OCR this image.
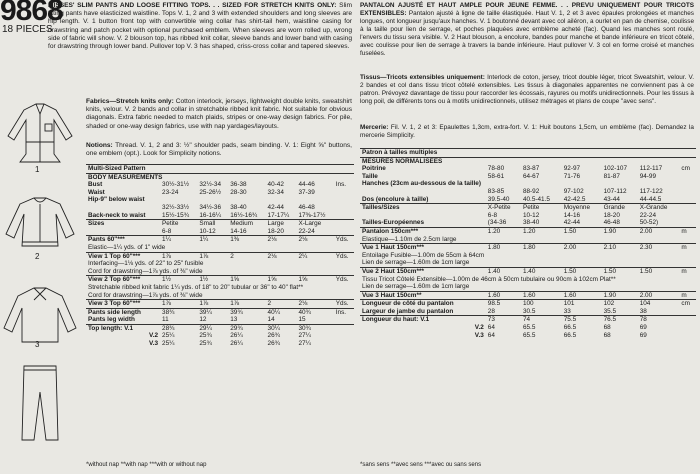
9868
18 PIECES
MISSES' SLIM PANTS AND LOOSE FITTING TOPS. . . SIZED FOR STRETCH KNITS ONLY: Slim fitting pants have elasticized waistline. Tops V. 1, 2 and 3 with extended shoulders and long sleeves are hip length. V. 1 button front top with convertible wing collar has shirt-tail hem, waistline casing for drawstring and patch pocket with optional purchased emblem. When sleeves are worn rolled up, wrong side of fabric will show. V. 2 blouson top, has ribbed knit collar, sleeve bands and lower band with casing for drawstring through lower band. Pullover top V. 3 has shaped, criss-cross collar and tapered sleeves.
1
2
3
Fabrics—Stretch knits only: Cotton interlock, jerseys, lightweight double knits, sweatshirt knits, velour. V. 2 bands and collar in stretchable ribbed knit fabric. Not suitable for obvious diagonals. Extra fabric needed to match plaids, stripes or one-way design fabrics. For pile, shaded or one-way design fabrics, use with nap yardages/layouts.
Notions: Thread. V. 1, 2 and 3: ½" shoulder pads, seam binding. V. 1: Eight ⅝" buttons, one emblem (opt.). Look for Simplicity notions.
Multi-Sized Pattern						
BODY MEASUREMENTS						
Bust	30½-31½	32½-34	36-38	40-42	44-46	Ins.
Waist	23-24	25-26½	28-30	32-34	37-39	
Hip-9" below waist						
	32½-33½	34½-36	38-40	42-44	46-48	
Back-neck to waist	15½-15¾	16-16¼	16½-16¾	17-17¼	17⅜-17½	
Sizes	Petite	Small	Medium	Large	X-Large	
	6-8	10-12	14-16	18-20	22-24	
Pants 60"***	1¼	1¼	1⅜	2⅛	2⅛	Yds.
Elastic—1¼ yds. of 1" wide						
View 1 Top 60"***	1⅞	1⅞	2	2⅛	2¼	Yds.
Interfacing—1⅛ yds. of 22" to 25" fusible						
Cord for drawstring—1⅞ yds. of ⅜" wide						
View 2 Top 60"***	1½	1½	1⅝	1⅝	1⅝	Yds.
Stretchable ribbed knit fabric 1¼ yds. of 18" to 20" tubular or 36" to 40" flat**						
Cord for drawstring—1⅞ yds. of ⅜" wide						
View 3 Top 60"***	1⅞	1⅞	1⅞	2	2⅛	Yds.
Pants side length	38¾	39¼	39¾	40¼	40¾	Ins.
Pants leg width	11	12	13	14	15	
Top length: V.1	28¾	29¼	29¾	30¼	30¾	
V.2	25¼	25¾	26¼	26¾	27¼	
V.3	25¼	25¾	26¼	26¾	27¼	
*without nap **with nap ***with or without nap
PANTALON AJUSTÉ ET HAUT AMPLE POUR JEUNE FEMME. . . PREVU UNIQUEMENT POUR TRICOTS EXTENSIBLES: Pantalon ajusté à ligne de taille élastiquée. Haut V. 1, 2 et 3 avec épaules prolongées et manches longues, ont longueur jusqu'aux hanches. V. 1 boutonné devant avec col ailéron, a ourlet en pan de chemise, coulisse à la taille pour lien de serrage, et poches plaquées avec emblème acheté (fac). Quand les manches sont roulé, l'envers du tissu sera visible. V. 2 Haut blouson, a encolure, bandes pour manche et bande inférieure en tricot côtelé, avec coulisse pour lien de serrage à travers la bande inférieure. Haut pullover V. 3 col en forme croisé et manches fuselées.
Tissus—Tricots extensibles uniquement: Interlock de coton, jersey, tricot double léger, tricot Sweatshirt, velour. V. 2 bandes et col dans tissu tricot côtelé extensibles. Les tissus à diagonales apparentes ne conviennent pas à ce patron. Prévoyez davantage de tissu pour raccorder les écossais, rayures ou motifs unidirectionnels. Pour les tissus à long poil, de différents tons ou à motifs unidirectionnels, utilisez métrages et plans de coupe "avec sens".
Mercerie: Fil. V. 1, 2 et 3: Epaulettes 1,3cm, extra-fort. V. 1: Huit boutons 1,5cm, un emblème (fac). Demandez la mercerie Simplicity.
Patron à tailles multiples						
MESURES NORMALISEES						
Poitrine	78-80	83-87	92-97	102-107	112-117	cm
Taille	58-61	64-67	71-76	81-87	94-99	
Hanches (23cm au-dessous de la taille)						
	83-85	88-92	97-102	107-112	117-122	
Dos (encolure à taille)	39.5-40	40.5-41.5	42-42.5	43-44	44-44.5	
Tailles/Sizes	X-Petite	Petite	Moyenne	Grande	X-Grande	
	6-8	10-12	14-16	18-20	22-24	
Tailles-Européennes	(34-36	38-40	42-44	46-48	50-52)	
Pantalon 150cm***	1.20	1.20	1.50	1.90	2.00	m
Elastique—1.10m de 2.5cm large						
Vue 1 Haut 150cm***	1.80	1.80	2.00	2.10	2.30	m
Entoilage Fusible—1.00m de 55cm à 64cm						
Lien de serrage—1.60m de 1cm large						
Vue 2 Haut 150cm***	1.40	1.40	1.50	1.50	1.50	m
Tissu Tricot Côtelé Extensible—1.00m de 46cm à 50cm tubulaire ou 90cm à 102cm Plat**						
Lien de serrage—1.60m de 1cm large						
Vue 3 Haut 150cm**	1.60	1.60	1.60	1.90	2.00	m
Longueur de côté du pantalon	98.5	100	101	102	104	cm
Largeur de jambe du pantalon	28	30.5	33	35.5	38	
Longueur du haut: V.1	73	74	75.5	76.5	78	
V.2	64	65.5	66.5	68	69	
V.3	64	65.5	66.5	68	69	
*sans sens **avec sens ***avec ou sans sens
